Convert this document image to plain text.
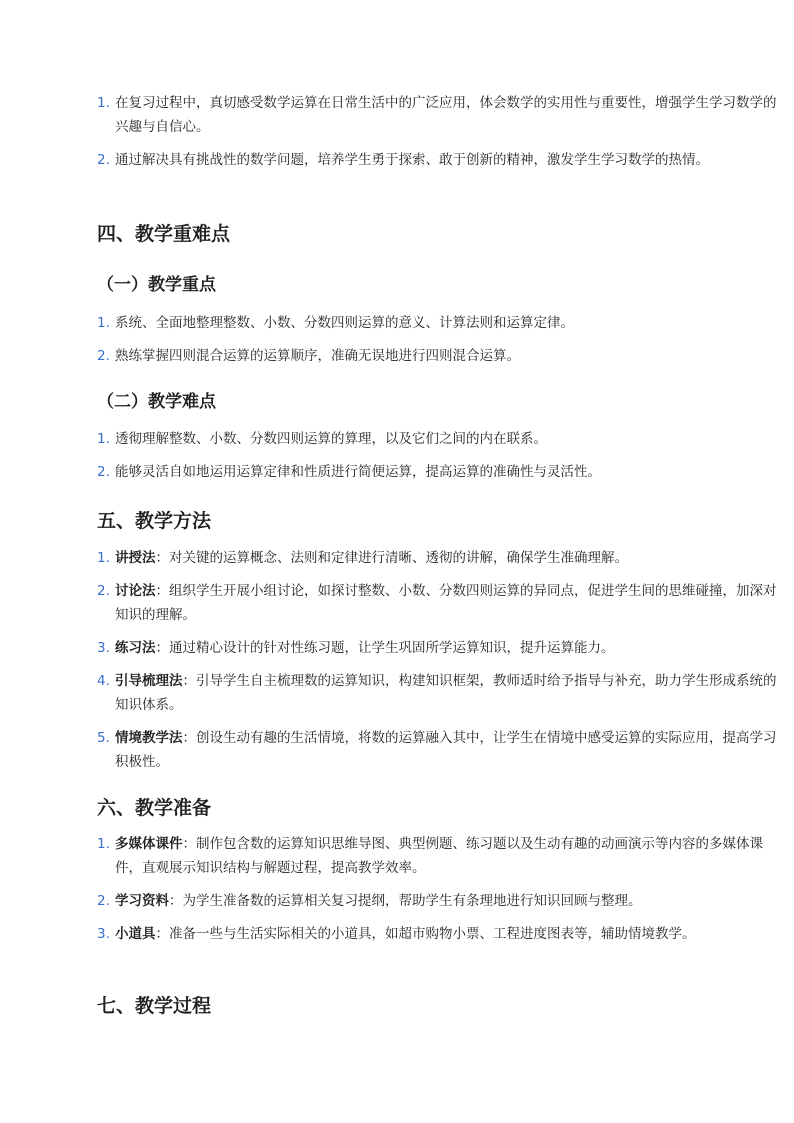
1. 在复习过程中，真切感受数学运算在日常生活中的广泛应用，体会数学的实用性与重要性，增强学生学习数学的兴趣与自信心。
2. 通过解决具有挑战性的数学问题，培养学生勇于探索、敢于创新的精神，激发学生学习数学的热情。
四、教学重难点
（一）教学重点
1. 系统、全面地整理整数、小数、分数四则运算的意义、计算法则和运算定律。
2. 熟练掌握四则混合运算的运算顺序，准确无误地进行四则混合运算。
（二）教学难点
1. 透彻理解整数、小数、分数四则运算的算理，以及它们之间的内在联系。
2. 能够灵活自如地运用运算定律和性质进行简便运算，提高运算的准确性与灵活性。
五、教学方法
1. 讲授法：对关键的运算概念、法则和定律进行清晰、透彻的讲解，确保学生准确理解。
2. 讨论法：组织学生开展小组讨论，如探讨整数、小数、分数四则运算的异同点，促进学生间的思维碰撞，加深对知识的理解。
3. 练习法：通过精心设计的针对性练习题，让学生巩固所学运算知识，提升运算能力。
4. 引导梳理法：引导学生自主梳理数的运算知识，构建知识框架，教师适时给予指导与补充，助力学生形成系统的知识体系。
5. 情境教学法：创设生动有趣的生活情境，将数的运算融入其中，让学生在情境中感受运算的实际应用，提高学习积极性。
六、教学准备
1. 多媒体课件：制作包含数的运算知识思维导图、典型例题、练习题以及生动有趣的动画演示等内容的多媒体课件，直观展示知识结构与解题过程，提高教学效率。
2. 学习资料：为学生准备数的运算相关复习提纲，帮助学生有条理地进行知识回顾与整理。
3. 小道具：准备一些与生活实际相关的小道具，如超市购物小票、工程进度图表等，辅助情境教学。
七、教学过程
